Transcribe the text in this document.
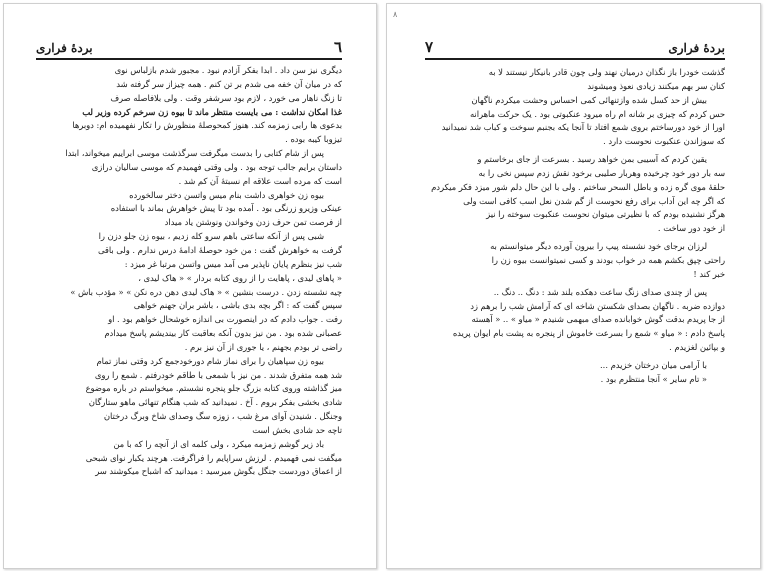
٦
بردهٔ فراری
دیگری نیز سن داد . ابدا بفکر آزادم نبود . مجبور شدم بازلباس نوی
که در میان آن خفه می شدم بر تن کنم . همه چیزاز سر گرفته شد
تا زنگ ناهار می خورد ، لازم بود سرشفر وقت . ولی بلافاصله صرف
غذا امکان نداشت : می بایست منتظر ماند تا بیوه زن سرخم کرده وزیر لب
بدعوی ها رابی زمزمه کند. هنوز کمحوصلهٔ منظورش را تکار نفهمیده ام: دوبرها
تیزوبا کیبه بوده .
پس از شام کتابی را بدست میگرفت سرگذشت موسی ابراییم میخواند، ابتدا
داستان برایم جالب توجه بود . ولی وقتی فهمیدم که موسی سالیان درازی
است که مرده است علاقه ام نسبتهٔ آن کم شد .
بیوه زن خواهری داشت بنام میس واتسن دختر سالخورده
عینکی وزیرو زرنگی بود . آمده بود تا پیش خواهرش بماند با استفاده
از فرصت تمن حرف زدن وخواندن ونوشتن یاد میداد
شبی پس از آنکه ساعتی باهم سرو کله زدیم ، بیوه زن جلو دزن را
گرفت به خواهرش گفت : من خود حوصلهٔ ادامهٔ درس ندارم . ولی باقی
شب نیز بنظرم پایان ناپذیر می آمد میس واتسن مرتبا غر میزد :
« پاهای لیدی ، پاهایت را از روی کتابه بردار » « هاک لیدی ،
چیه نشسته زدن . درست بنشین » « هاک لیدی دهن دره نکن » « مؤدب باش »
سپس گفت که : اگر بچه بدی باشی ، باشر بران جهنم خواهی
رفت . جواب دادم که در اینصورت بی اندازه خوشحال خواهم بود . او
عصبانی شده بود . من نیز بدون آنکه بعاقبت کار بیندیشم پاسخ میدادم
راضی تر بودم بجهنم ، یا جوری از آن نیز برم .
بیوه زن سپاهیان را برای نماز شام دورخودجمع کرد وقتی نماز تمام
شد همه متفرق شدند . من نیز با شمعی با طاقم خودرفتم . شمع را روی
میز گذاشته وروی کتابه بزرگ جلو پنجره نشستم. میخواستم در باره موضوع
شادی بخشی بفکر بروم . آخ . نمیدانید که شب هنگام تنهائی ماهو ستارگان
وجنگل . شنیدن آوای مرغ شب ، زوزه سگ وصدای شاخ وبرگ درختان
تاچه حد شادی بخش است
باد زیر گوشم زمزمه میکرد ، ولی کلمه ای از آنچه را که با من
میگفت نمی فهمیدم . لرزش سراپایم را فراگرفت. هرچند یکبار نوای شبحی
از اعماق دوردست جنگل بگوش میرسید : میدانید که اشباح میکوشند سر
٨
٧	بردهٔ فراری
گذشت خودرا باز نگذان درمیان نهند ولی چون قادر بانیکار نیستند لا به
کنان سر بهم میکنند زیادی نعوذ ومیشوند
بیش از حد کسل شده وازتنهائی کمی احساس وحشت میکردم ناگهان
حس کردم که چیزی بر شانه ام راه میرود عنکبوتی بود . یک حرکت ماهرانه
اورا از خود دورساختم بروی شمع افتاد تا آنجا یکه بجنبم سوخت و کباب شد نمیدانید
که سوزاندن عنکبوت نحوست دارد .
یقین کردم که آسیبی بمن خواهد رسید . بسرعت از جای برخاستم و
سه بار دور خود چرخیده وهربار صلیبی برخود نقش زدم سپس نخی را به
حلقهٔ موی گره زده و باطل السحر ساختم . ولی با این حال دلم شور میزد فکر میکردم
که اگر چه این آداب برای رفع نحوست از گم شدن نعل اسب کافی است ولی
هرگز نشنیده بودم که با نظیرتی میتوان نحوست عنکبوت سوخته را نیز
از خود دور ساخت .
لرزان برجای خود نشسته پیپ را بیرون آورده دیگر میتوانستم به
راحتی چپق بکشم همه در خواب بودند و کسی نمیتوانست بیوه زن را
خبر کند !
پس از چندی صدای زنگ ساعت دهکده بلند شد : دنگ .. دنگ ..
دوازده ضربه . ناگهان بصدای شکستن شاخه ای که آرامش شب را برهم زد
از جا پریدم بدقت گوش خوابانده صدای مبهمی شنیدم « میاو » .. « آهسته
پاسخ دادم : « میاو » شمع را بسرعت خاموش از پنجره به پشت بام ایوان پریده
و بپائین لغزیدم .
با آرامی میان درختان خزیدم ...
« تام سایر » آنجا منتظرم بود .
